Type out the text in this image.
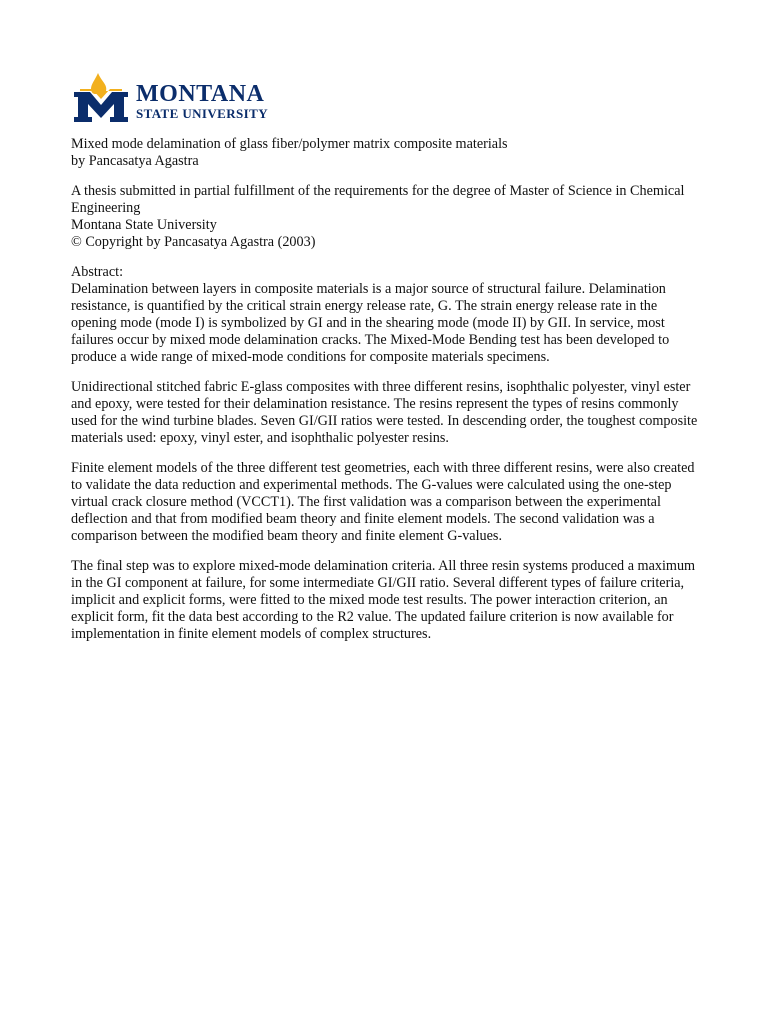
MONTANA
STATE UNIVERSITY

Mixed mode delamination of glass fiber/polymer matrix composite materials
by Pancasatya Agastra

A thesis submitted in partial fulfillment of the requirements for the degree of Master of Science in Chemical Engineering
Montana State University
© Copyright by Pancasatya Agastra (2003)

Abstract:
Delamination between layers in composite materials is a major source of structural failure. Delamination resistance, is quantified by the critical strain energy release rate, G. The strain energy release rate in the opening mode (mode I) is symbolized by GI and in the shearing mode (mode II) by GII. In service, most failures occur by mixed mode delamination cracks. The Mixed-Mode Bending test has been developed to produce a wide range of mixed-mode conditions for composite materials specimens.

Unidirectional stitched fabric E-glass composites with three different resins, isophthalic polyester, vinyl ester and epoxy, were tested for their delamination resistance. The resins represent the types of resins commonly used for the wind turbine blades. Seven GI/GII ratios were tested. In descending order, the toughest composite materials used: epoxy, vinyl ester, and isophthalic polyester resins.

Finite element models of the three different test geometries, each with three different resins, were also created to validate the data reduction and experimental methods. The G-values were calculated using the one-step virtual crack closure method (VCCT1). The first validation was a comparison between the experimental deflection and that from modified beam theory and finite element models. The second validation was a comparison between the modified beam theory and finite element G-values.

The final step was to explore mixed-mode delamination criteria. All three resin systems produced a maximum in the GI component at failure, for some intermediate GI/GII ratio. Several different types of failure criteria, implicit and explicit forms, were fitted to the mixed mode test results. The power interaction criterion, an explicit form, fit the data best according to the R2 value. The updated failure criterion is now available for implementation in finite element models of complex structures.
